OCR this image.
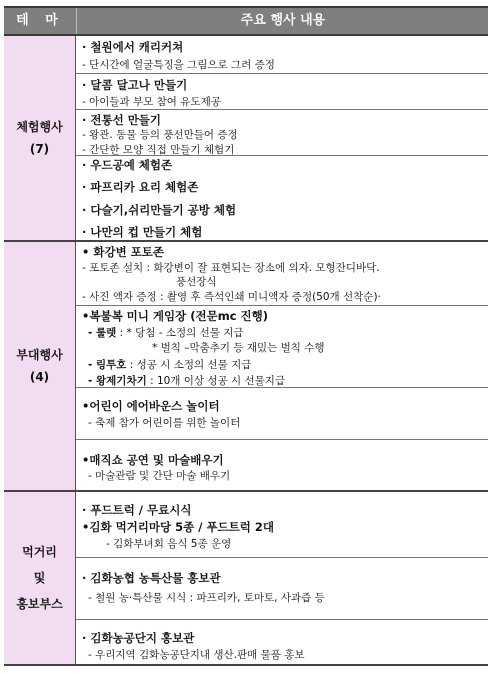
테 마	주요 행사 내용
체험행사
(7)
· 철원에서 캐리커쳐
- 단시간에 얼굴특징을 그림으로 그려 증정
· 달콤 달고나 만들기
- 아이들과 부모 참여 유도제공
· 전통선 만들기
- 왕관. 동물 등의 풍선만들어 증정
- 간단한 모양 직접 만들기 체험기
· 우드공예 체험존
· 파프리카 요리 체험존
· 다슬기,쉬리만들기 공방 체험
· 나만의 컵 만들기 체험
부대행사
(4)
• 화강변 포토존
- 포토존 설치 : 화강변이 잘 표현되는 장소에 의자. 모형잔디바닥.
풍선장식
- 사진 액자 증정 : 촬영 후 즉석인쇄 미니액자 증정(50개 선착순)·
•복불복 미니 게임장 (전문mc 진행)
- 룰렛 : * 당첨 - 소정의 선물 지급
* 벌칙 –막춤추기 등 재밌는 벌칙 수행
- 링투호 : 성공 시 소정의 선물 지급
- 왕제기차기 : 10개 이상 성공 시 선물지급
•어린이 에어바운스 놀이터
- 축제 참가 어린이를 위한 놀이터
•매직쇼 공연 및 마술배우기
- 마술관람 및 간단 마술 배우기
먹거리
및
홍보부스
· 푸드트럭 / 무료시식
•김화 먹거리마당 5종 / 푸드트럭 2대
- 김화부녀회 음식 5종 운영
· 김화농협 농특산물 홍보관
- 철원 농·특산물 시식 : 파프리카, 토마토, 사과즙 등
· 김화농공단지 홍보관
- 우리지역 김화농공단지내 생산.판매 물품 홍보
